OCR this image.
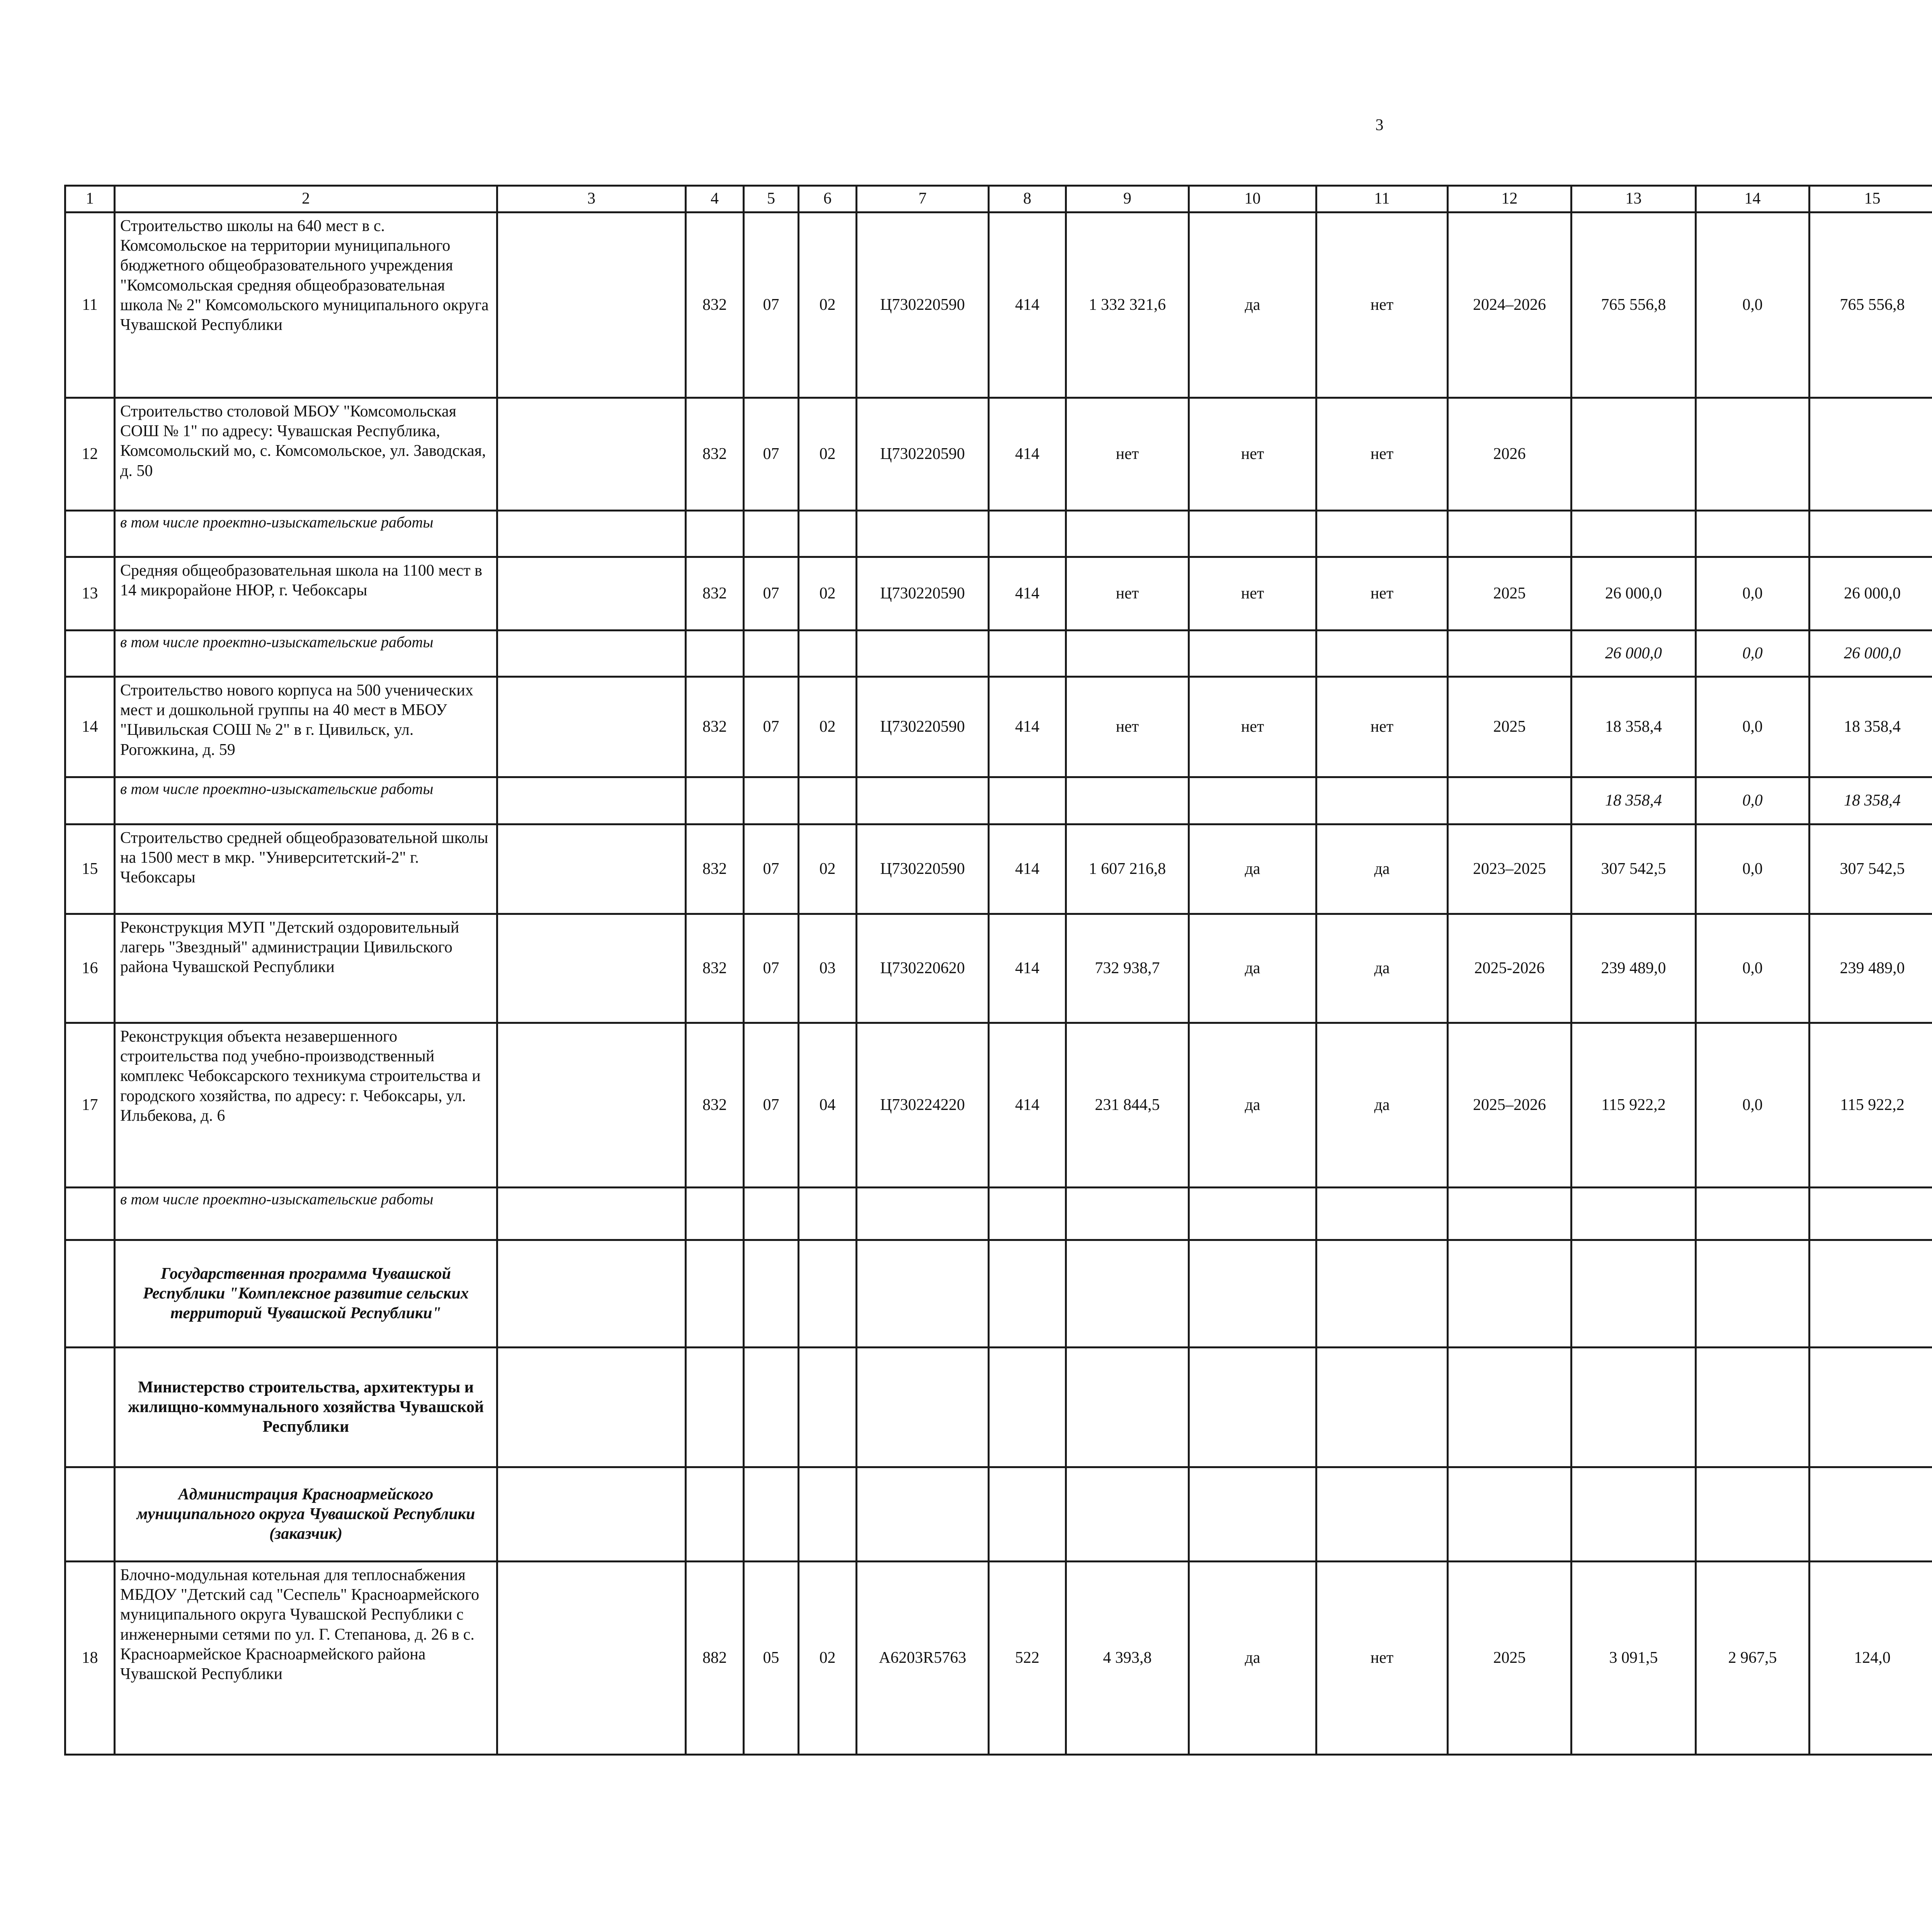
3
1	2	3	4	5	6	7	8	9	10	11	12	13	14	15						
11	Строительство школы на 640 мест в с. Комсомольское на территории муниципального бюджетного общеобразовательного учреждения "Комсомольская средняя общеобразовательная школа № 2" Комсомольского муниципального округа Чувашской Республики		832	07	02	Ц730220590	414	1 332 321,6	да	нет	2024–2026	765 556,8	0,0	765 556,8						
12	Строительство столовой МБОУ "Комсомольская СОШ № 1" по адресу: Чувашская Республика, Комсомольский мо, с. Комсомольское, ул. Заводская, д. 50		832	07	02	Ц730220590	414	нет	нет	нет	2026									
	в том числе проектно-изыскательские работы																			
13	Средняя общеобразовательная школа на 1100 мест в 14 микрорайоне НЮР, г. Чебоксары		832	07	02	Ц730220590	414	нет	нет	нет	2025	26 000,0	0,0	26 000,0						
	в том числе проектно-изыскательские работы											26 000,0	0,0	26 000,0						
14	Строительство нового корпуса на 500 ученических мест и дошкольной группы на 40 мест в МБОУ "Цивильская СОШ № 2" в г. Цивильск, ул. Рогожкина, д. 59		832	07	02	Ц730220590	414	нет	нет	нет	2025	18 358,4	0,0	18 358,4						
	в том числе проектно-изыскательские работы											18 358,4	0,0	18 358,4						
15	Строительство средней общеобразовательной школы на 1500 мест в мкр. "Университетский-2" г. Чебоксары		832	07	02	Ц730220590	414	1 607 216,8	да	да	2023–2025	307 542,5	0,0	307 542,5						
16	Реконструкция МУП "Детский оздоровительный лагерь "Звездный" администрации Цивильского района Чувашской Республики		832	07	03	Ц730220620	414	732 938,7	да	да	2025-2026	239 489,0	0,0	239 489,0						
17	Реконструкция объекта незавершенного строительства под учебно-производственный комплекс Чебоксарского техникума строительства и городского хозяйства, по адресу: г. Чебоксары, ул. Ильбекова, д. 6		832	07	04	Ц730224220	414	231 844,5	да	да	2025–2026	115 922,2	0,0	115 922,2						
	в том числе проектно-изыскательские работы																			
	Государственная программа Чувашской Республики "Комплексное развитие сельских территорий Чувашской Республики"																			
	Министерство строительства, архитектуры и жилищно-коммунального хозяйства Чувашской Республики																			
	Администрация Красноармейского муниципального округа Чувашской Республики (заказчик)																			
18	Блочно-модульная котельная для теплоснабжения МБДОУ "Детский сад "Сеспель" Красноармейского муниципального округа Чувашской Республики с инженерными сетями по ул. Г. Степанова, д. 26 в с. Красноармейское Красноармейского района Чувашской Республики		882	05	02	А6203R5763	522	4 393,8	да	нет	2025	3 091,5	2 967,5	124,0						
